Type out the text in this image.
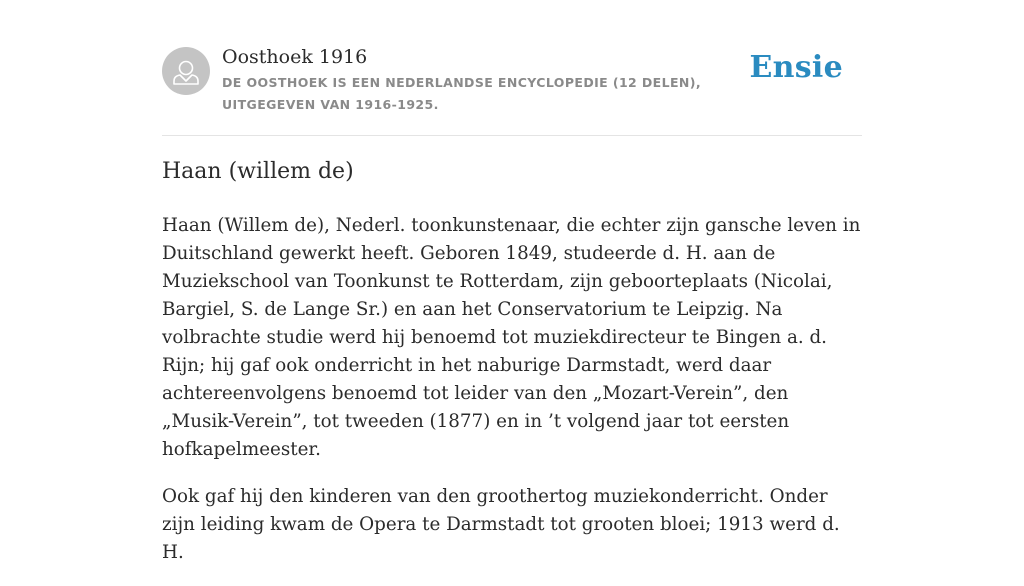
Oosthoek 1916
DE OOSTHOEK IS EEN NEDERLANDSE ENCYCLOPEDIE (12 DELEN), UITGEGEVEN VAN 1916-1925.
Ensie
Haan (willem de)

Haan (Willem de), Nederl. toonkunstenaar, die echter zijn gansche leven in Duitschland gewerkt heeft. Geboren 1849, studeerde d. H. aan de Muziekschool van Toonkunst te Rotterdam, zijn geboorteplaats (Nicolai, Bargiel, S. de Lange Sr.) en aan het Conservatorium te Leipzig. Na volbrachte studie werd hij benoemd tot muziekdirecteur te Bingen a. d. Rijn; hij gaf ook onderricht in het naburige Darmstadt, werd daar achtereenvolgens benoemd tot leider van den „Mozart-Verein”, den „Musik-Verein”, tot tweeden (1877) en in ’t volgend jaar tot eersten hofkapelmeester.

Ook gaf hij den kinderen van den groothertog muziekonderricht. Onder zijn leiding kwam de Opera te Darmstadt tot grooten bloei; 1913 werd d. H.
